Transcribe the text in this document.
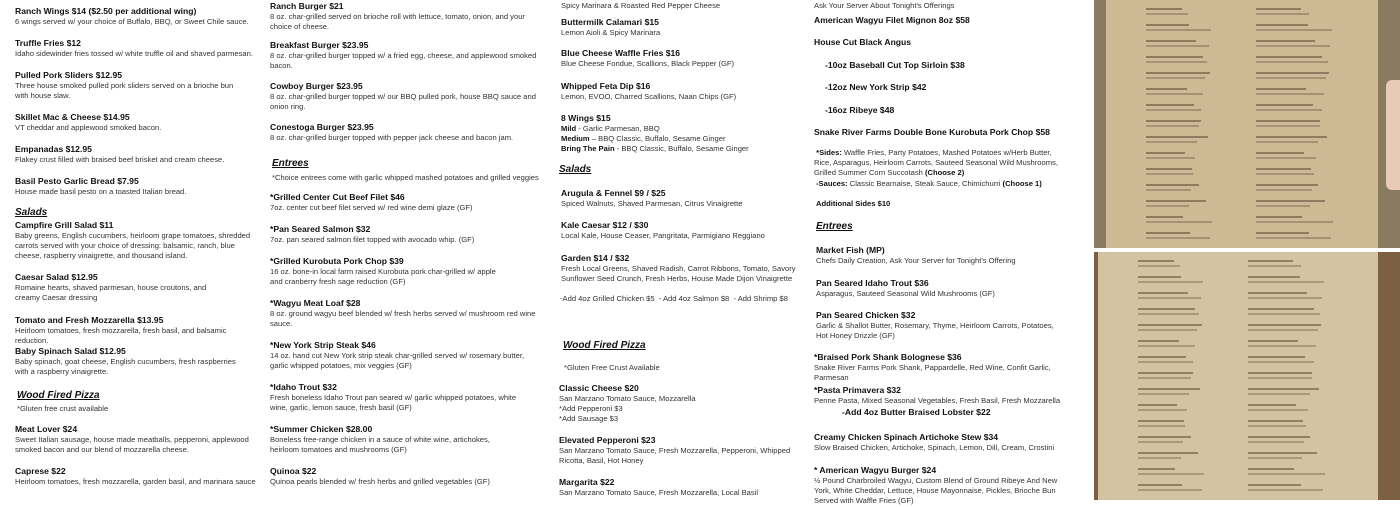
Ranch Wings $14 ($2.50 per additional wing)
6 wings served w/ your choice of Buffalo, BBQ, or Sweet Chile sauce.
Truffle Fries $12
Idaho sidewinder fries tossed w/ white truffle oil and shaved parmesan.
Pulled Pork Sliders $12.95
Three house smoked pulled pork sliders served on a brioche bun with house slaw.
Skillet Mac & Cheese $14.95
VT cheddar and applewood smoked bacon.
Empanadas $12.95
Flakey crust filled with braised beef brisket and cream cheese.
Basil Pesto Garlic Bread $7.95
House made basil pesto on a toasted Italian bread.
Salads
Campfire Grill Salad $11
Baby greens, English cucumbers, heirloom grape tomatoes, shredded carrots served with your choice of dressing: balsamic, ranch, blue cheese, raspberry vinaigrette, and thousand island.
Caesar Salad $12.95
Romaine hearts, shaved parmesan, house croutons, and creamy Caesar dressing
Tomato and Fresh Mozzarella $13.95
Heirloom tomatoes, fresh mozzarella, fresh basil, and balsamic reduction.
Baby Spinach Salad $12.95
Baby spinach, goat cheese, English cucumbers, fresh raspberries with a raspberry vinaigrette.
Wood Fired Pizza
*Gluten free crust available
Meat Lover $24
Sweet Italian sausage, house made meatballs, pepperoni, applewood smoked bacon and our blend of mozzarella cheese.
Caprese $22
Heirloom tomatoes, fresh mozzarella, garden basil, and marinara sauce
Ranch Burger $21
8 oz. char-grilled served on brioche roll with lettuce, tomato, onion, and your choice of cheese.
Breakfast Burger $23.95
8 oz. char-grilled burger topped w/ a fried egg, cheese, and applewood smoked bacon.
Cowboy Burger $23.95
8 oz. char-grilled burger topped w/ our BBQ pulled pork, house BBQ sauce and onion ring.
Conestoga Burger $23.95
8 oz. char-grilled burger topped with pepper jack cheese and bacon jam.
Entrees
*Choice entrees come with garlic whipped mashed potatoes and grilled veggies
*Grilled Center Cut Beef Filet $46
7oz. center cut beef filet served w/ red wine demi glaze (GF)
*Pan Seared Salmon $32
7oz. pan seared salmon filet topped with avocado whip. (GF)
*Grilled Kurobuta Pork Chop $39
16 oz. bone-in local farm raised Kurobuta pork char-grilled w/ apple and cranberry fresh sage reduction (GF)
*Wagyu Meat Loaf $28
8 oz. ground wagyu beef blended w/ fresh herbs served w/ mushroom red wine sauce.
*New York Strip Steak $46
14 oz. hand cut New York strip steak char-grilled served w/ rosemary butter, garlic whipped potatoes, mix veggies (GF)
*Idaho Trout $32
Fresh boneless Idaho Trout pan seared w/ garlic whipped potatoes, white wine, garlic, lemon sauce, fresh basil (GF)
*Summer Chicken $28.00
Boneless free-range chicken in a sauce of white wine, artichokes, heirloom tomatoes and mushrooms (GF)
Quinoa $22
Quinoa pearls blended w/ fresh herbs and grilled vegetables (GF)
Spicy Marinara & Roasted Red Pepper Cheese
Buttermilk Calamari $15
Lemon Aioli & Spicy Marinara
Blue Cheese Waffle Fries $16
Blue Cheese Fondue, Scallions, Black Pepper (GF)
Whipped Feta Dip $16
Lemon, EVOO, Charred Scallions, Naan Chips (GF)
8 Wings $15
Mild - Garlic Parmesan, BBQ
Medium – BBQ Classic, Buffalo, Sesame Ginger
Bring The Pain - BBQ Classic, Buffalo, Sesame Ginger
Salads
Arugula & Fennel $9 / $25
Spiced Walnuts, Shaved Parmesan, Citrus Vinaigrette
Kale Caesar $12 / $30
Local Kale, House Ceaser, Pangritata, Parmigiano Reggiano
Garden $14 / $32
Fresh Local Greens, Shaved Radish, Carrot Ribbons, Tomato, Savory Sunflower Seed Crunch, Fresh Herbs, House Made Dijon Vinaigrette
-Add 4oz Grilled Chicken $5  - Add 4oz Salmon $8  - Add Shrimp $8
Wood Fired Pizza
*Gluten Free Crust Available
Classic Cheese $20
San Marzano Tomato Sauce, Mozzarella
*Add Pepperoni $3
*Add Sausage $3
Elevated Pepperoni $23
San Marzano Tomato Sauce, Fresh Mozzarella, Pepperoni, Whipped Ricotta, Basil, Hot Honey
Margarita $22
San Marzano Tomato Sauce, Fresh Mozzarella, Local Basil
Ask Your Server About Tonight's Offerings
American Wagyu Filet Mignon 8oz $58
House Cut Black Angus
-10oz Baseball Cut Top Sirloin $38
-12oz New York Strip $42
-16oz Ribeye $48
Snake River Farms Double Bone Kurobuta Pork Chop $58
*Sides: Waffle Fries, Party Potatoes, Mashed Potatoes w/Herb Butter, Rice, Asparagus, Heirloom Carrots, Sauteed Seasonal Wild Mushrooms, Grilled Summer Corn Succotash (Choose 2)
-Sauces: Classic Bearnaise, Steak Sauce, Chimichurri (Choose 1)
Additional Sides $10
Entrees
Market Fish (MP)
Chefs Daily Creation, Ask Your Server for Tonight's Offering
Pan Seared Idaho Trout $36
Asparagus, Sauteed Seasonal Wild Mushrooms (GF)
Pan Seared Chicken $32
Garlic & Shallot Butter, Rosemary, Thyme, Heirloom Carrots, Potatoes, Hot Honey Drizzle (GF)
*Braised Pork Shank Bolognese $36
Snake River Farms Pork Shank, Pappardelle, Red Wine, Confit Garlic, Parmesan
*Pasta Primavera $32
Penne Pasta, Mixed Seasonal Vegetables, Fresh Basil, Fresh Mozzarella
-Add 4oz Butter Braised Lobster $22
Creamy Chicken Spinach Artichoke Stew $34
Slow Braised Chicken, Artichoke, Spinach, Lemon, Dill, Cream, Crostini
* American Wagyu Burger $24
½ Pound Charbroiled Wagyu, Custom Blend of Ground Ribeye And New York, White Cheddar, Lettuce, House Mayonnaise, Pickles, Brioche Bun Served with Waffle Fries (GF)
